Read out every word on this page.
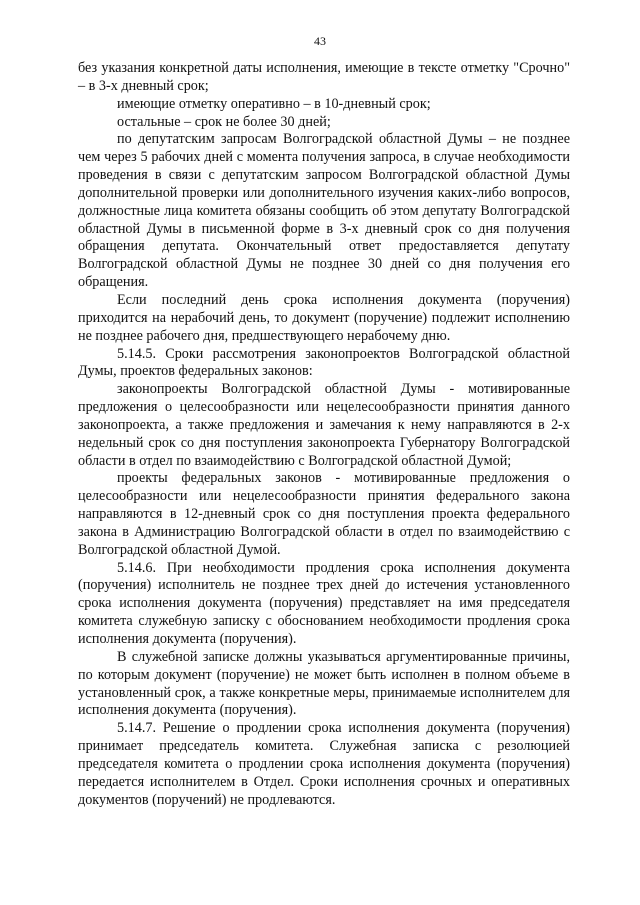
43

без указания конкретной даты исполнения, имеющие в тексте отметку "Срочно" – в 3-х дневный срок;

имеющие отметку оперативно – в 10-дневный срок;

остальные – срок не более 30 дней;

по депутатским запросам Волгоградской областной Думы – не позднее чем через 5 рабочих дней с момента получения запроса, в случае необходимости проведения в связи с депутатским запросом Волгоградской областной Думы дополнительной проверки или дополнительного изучения каких-либо вопросов, должностные лица комитета обязаны сообщить об этом депутату Волгоградской областной Думы в письменной форме в 3-х дневный срок со дня получения обращения депутата. Окончательный ответ предоставляется депутату Волгоградской областной Думы не позднее 30 дней со дня получения его обращения.

Если последний день срока исполнения документа (поручения) приходится на нерабочий день, то документ (поручение) подлежит исполнению не позднее рабочего дня, предшествующего нерабочему дню.

5.14.5. Сроки рассмотрения законопроектов Волгоградской областной Думы, проектов федеральных законов:

законопроекты Волгоградской областной Думы - мотивированные предложения о целесообразности или нецелесообразности принятия данного законопроекта, а также предложения и замечания к нему направляются в 2-х недельный срок со дня поступления законопроекта Губернатору Волгоградской области в отдел по взаимодействию с Волгоградской областной Думой;

проекты федеральных законов - мотивированные предложения о целесообразности или нецелесообразности принятия федерального закона направляются в 12-дневный срок со дня поступления проекта федерального закона в Администрацию Волгоградской области в отдел по взаимодействию с Волгоградской областной Думой.

5.14.6. При необходимости продления срока исполнения документа (поручения) исполнитель не позднее трех дней до истечения установленного срока исполнения документа (поручения) представляет на имя председателя комитета служебную записку с обоснованием необходимости продления срока исполнения документа (поручения).

В служебной записке должны указываться аргументированные причины, по которым документ (поручение) не может быть исполнен в полном объеме в установленный срок, а также конкретные меры, принимаемые исполнителем для исполнения документа (поручения).

5.14.7. Решение о продлении срока исполнения документа (поручения) принимает председатель комитета. Служебная записка с резолюцией председателя комитета о продлении срока исполнения документа (поручения) передается исполнителем в Отдел. Сроки исполнения срочных и оперативных документов (поручений) не продлеваются.
